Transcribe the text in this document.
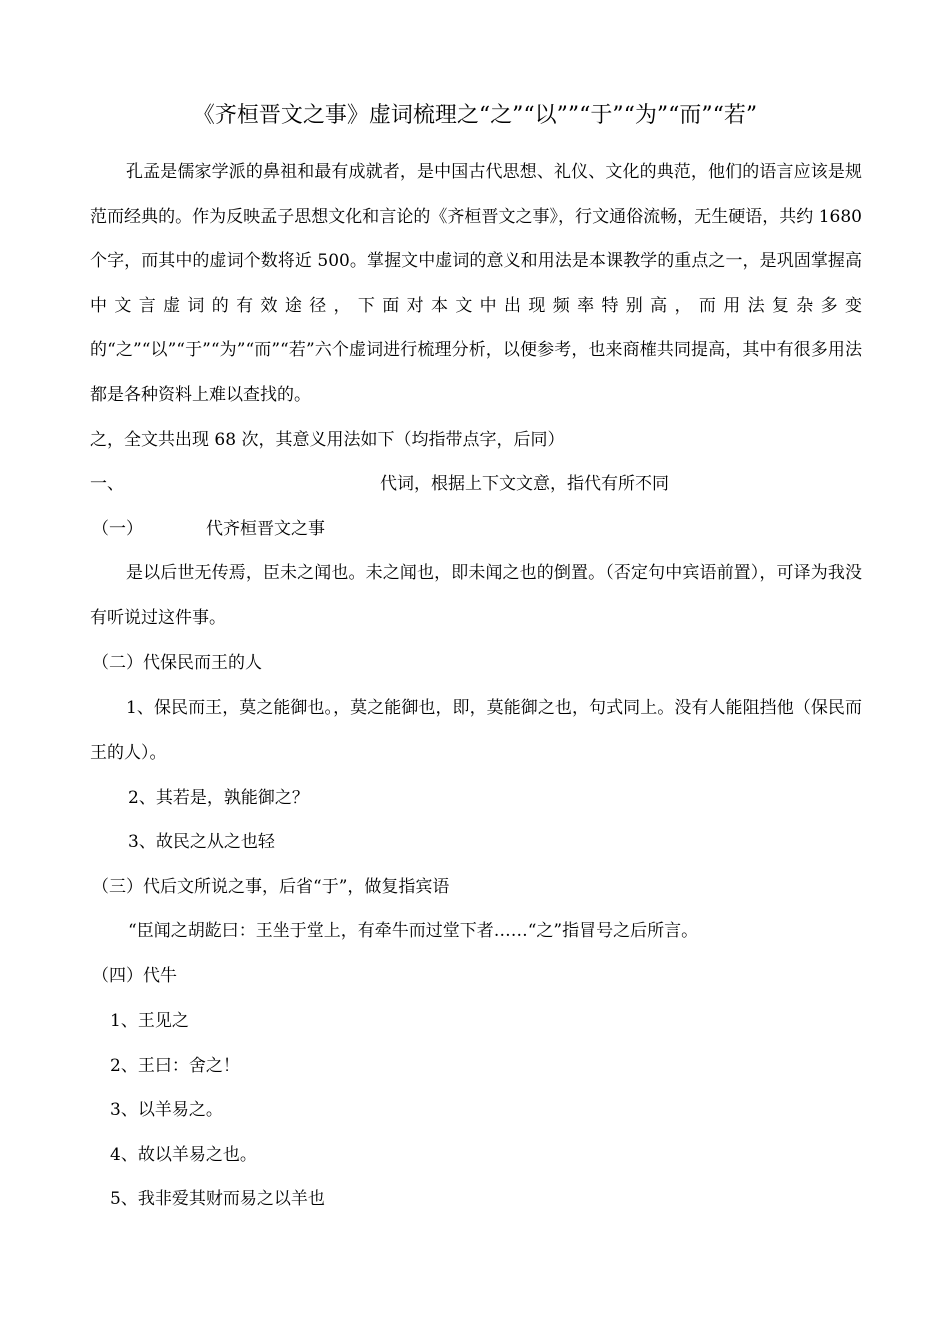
《齐桓晋文之事》虚词梳理之“之”“以””“于”“为”“而”“若”
孔孟是儒家学派的鼻祖和最有成就者，是中国古代思想、礼仪、文化的典范，他们的语言应该是规范而经典的。作为反映孟子思想文化和言论的《齐桓晋文之事》，行文通俗流畅，无生硬语，共约 1680 个字，而其中的虚词个数将近 500。掌握文中虚词的意义和用法是本课教学的重点之一，是巩固掌握高中文言虚词的有效途径，下面对本文中出现频率特别高，而用法复杂多变的“之”“以”“于”“为”“而”“若”六个虚词进行梳理分析，以便参考，也来商榷共同提高，其中有很多用法都是各种资料上难以查找的。
之，全文共出现 68 次，其意义用法如下（均指带点字，后同）
一、	代词，根据上下文文意，指代有所不同
（一）	代齐桓晋文之事
是以后世无传焉，臣未之闻也。未之闻也，即未闻之也的倒置。（否定句中宾语前置），可译为我没有听说过这件事。
（二）代保民而王的人
1、保民而王，莫之能御也。，莫之能御也，即，莫能御之也，句式同上。没有人能阻挡他（保民而王的人）。
2、其若是，孰能御之？
3、故民之从之也轻
（三）代后文所说之事，后省“于”，做复指宾语
“臣闻之胡龁曰：王坐于堂上，有牵牛而过堂下者……“之”指冒号之后所言。
（四）代牛
1、王见之
2、王曰：舍之！
3、以羊易之。
4、故以羊易之也。
5、我非爱其财而易之以羊也
